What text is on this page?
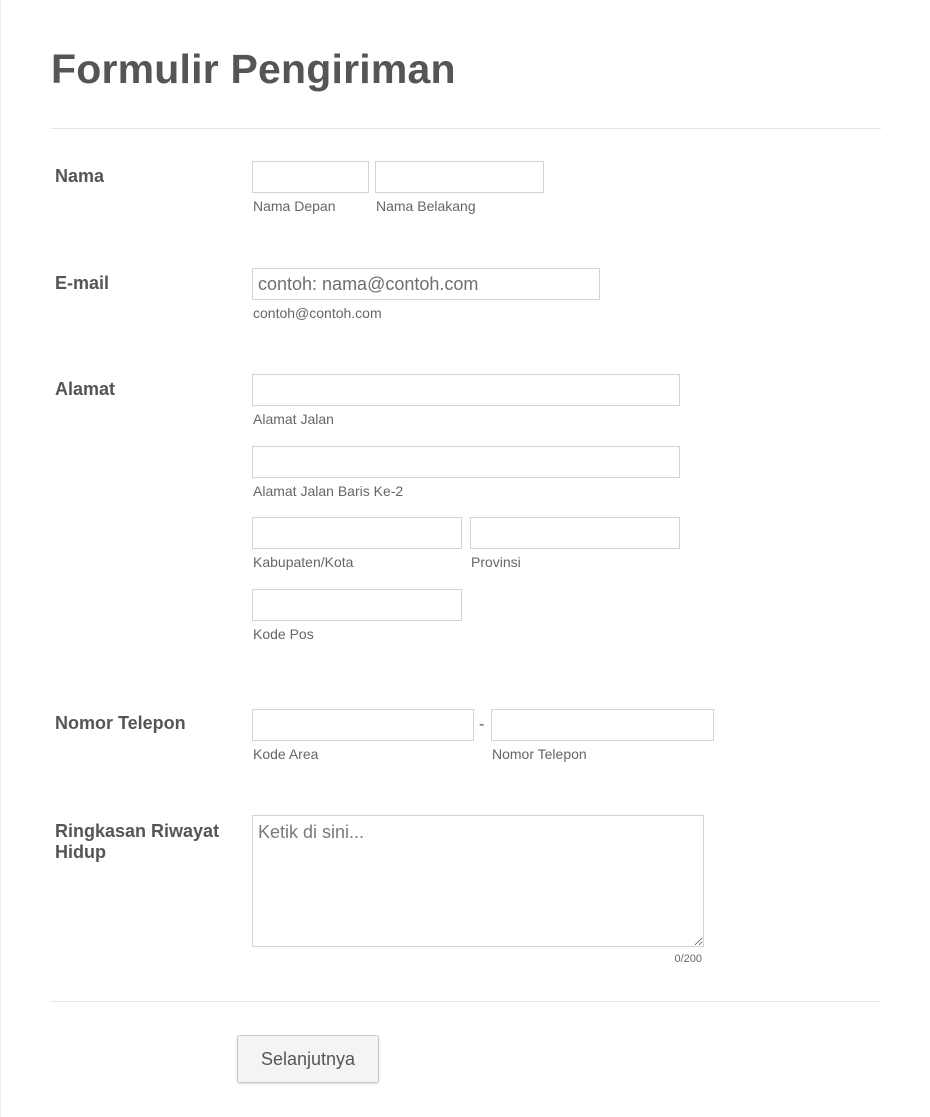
Formulir Pengiriman
Nama
Nama Depan	Nama Belakang
E-mail
contoh: nama@contoh.com
contoh@contoh.com
Alamat
Alamat Jalan
Alamat Jalan Baris Ke-2
Kabupaten/Kota	Provinsi
Kode Pos
Nomor Telepon
Kode Area
-
Nomor Telepon
Ringkasan Riwayat Hidup
Ketik di sini...
0/200
Selanjutnya
